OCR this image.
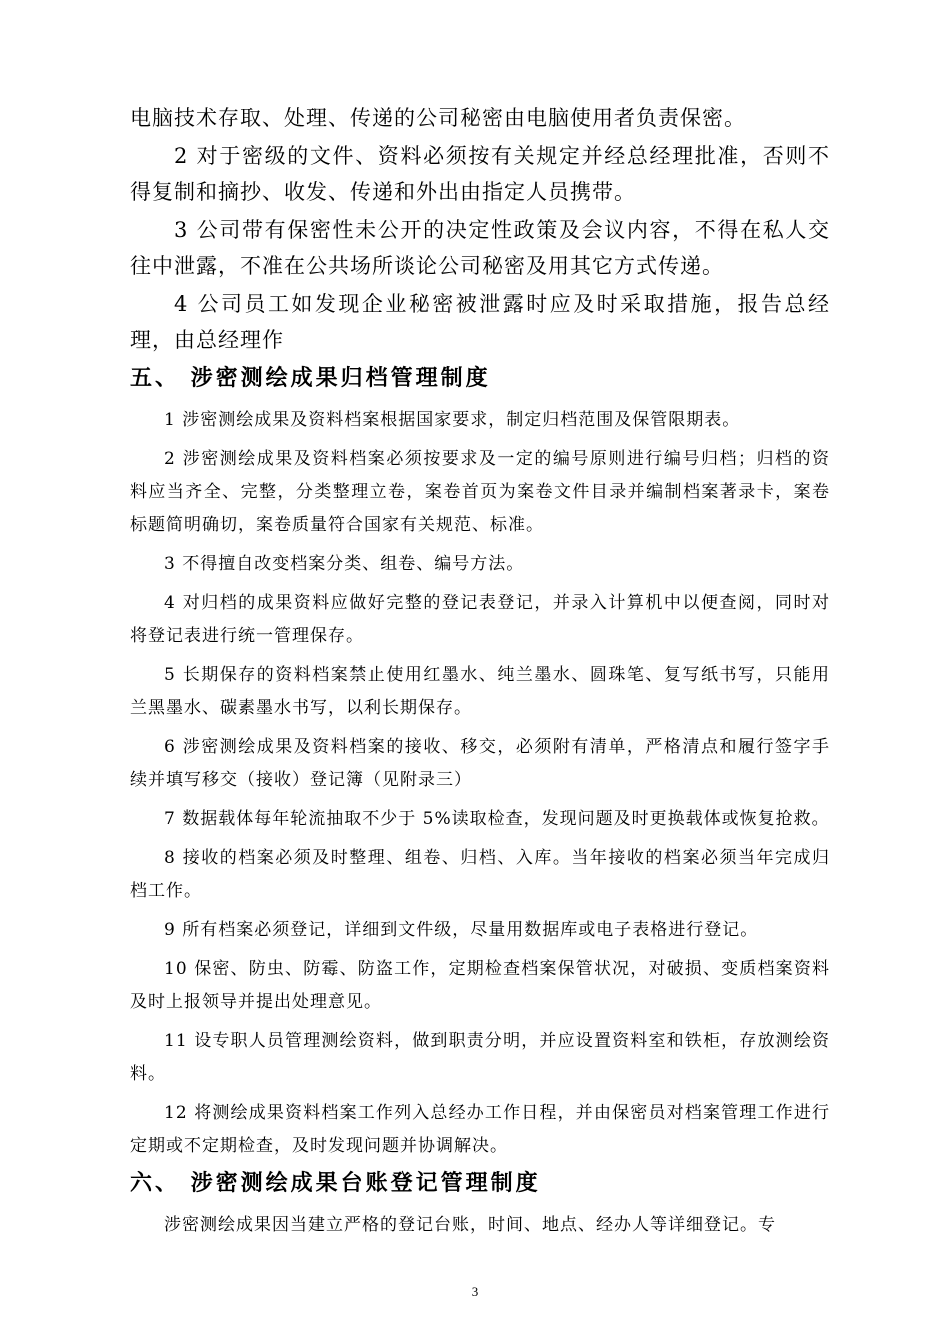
电脑技术存取、处理、传递的公司秘密由电脑使用者负责保密。

2 对于密级的文件、资料必须按有关规定并经总经理批准，否则不得复制和摘抄、收发、传递和外出由指定人员携带。

3 公司带有保密性未公开的决定性政策及会议内容，不得在私人交往中泄露，不准在公共场所谈论公司秘密及用其它方式传递。

4 公司员工如发现企业秘密被泄露时应及时采取措施，报告总经理，由总经理作

五、 涉密测绘成果归档管理制度

1 涉密测绘成果及资料档案根据国家要求，制定归档范围及保管限期表。

2 涉密测绘成果及资料档案必须按要求及一定的编号原则进行编号归档；归档的资料应当齐全、完整，分类整理立卷，案卷首页为案卷文件目录并编制档案著录卡，案卷标题简明确切，案卷质量符合国家有关规范、标准。

3 不得擅自改变档案分类、组卷、编号方法。

4 对归档的成果资料应做好完整的登记表登记，并录入计算机中以便查阅，同时对将登记表进行统一管理保存。

5 长期保存的资料档案禁止使用红墨水、纯兰墨水、圆珠笔、复写纸书写，只能用兰黑墨水、碳素墨水书写，以利长期保存。

6 涉密测绘成果及资料档案的接收、移交，必须附有清单，严格清点和履行签字手续并填写移交（接收）登记簿（见附录三）

7 数据载体每年轮流抽取不少于 5%读取检查，发现问题及时更换载体或恢复抢救。

8 接收的档案必须及时整理、组卷、归档、入库。当年接收的档案必须当年完成归档工作。

9 所有档案必须登记，详细到文件级，尽量用数据库或电子表格进行登记。

10 保密、防虫、防霉、防盗工作，定期检查档案保管状况，对破损、变质档案资料及时上报领导并提出处理意见。

11 设专职人员管理测绘资料，做到职责分明，并应设置资料室和铁柜，存放测绘资料。

12 将测绘成果资料档案工作列入总经办工作日程，并由保密员对档案管理工作进行定期或不定期检查，及时发现问题并协调解决。

六、 涉密测绘成果台账登记管理制度

涉密测绘成果因当建立严格的登记台账，时间、地点、经办人等详细登记。专

3
